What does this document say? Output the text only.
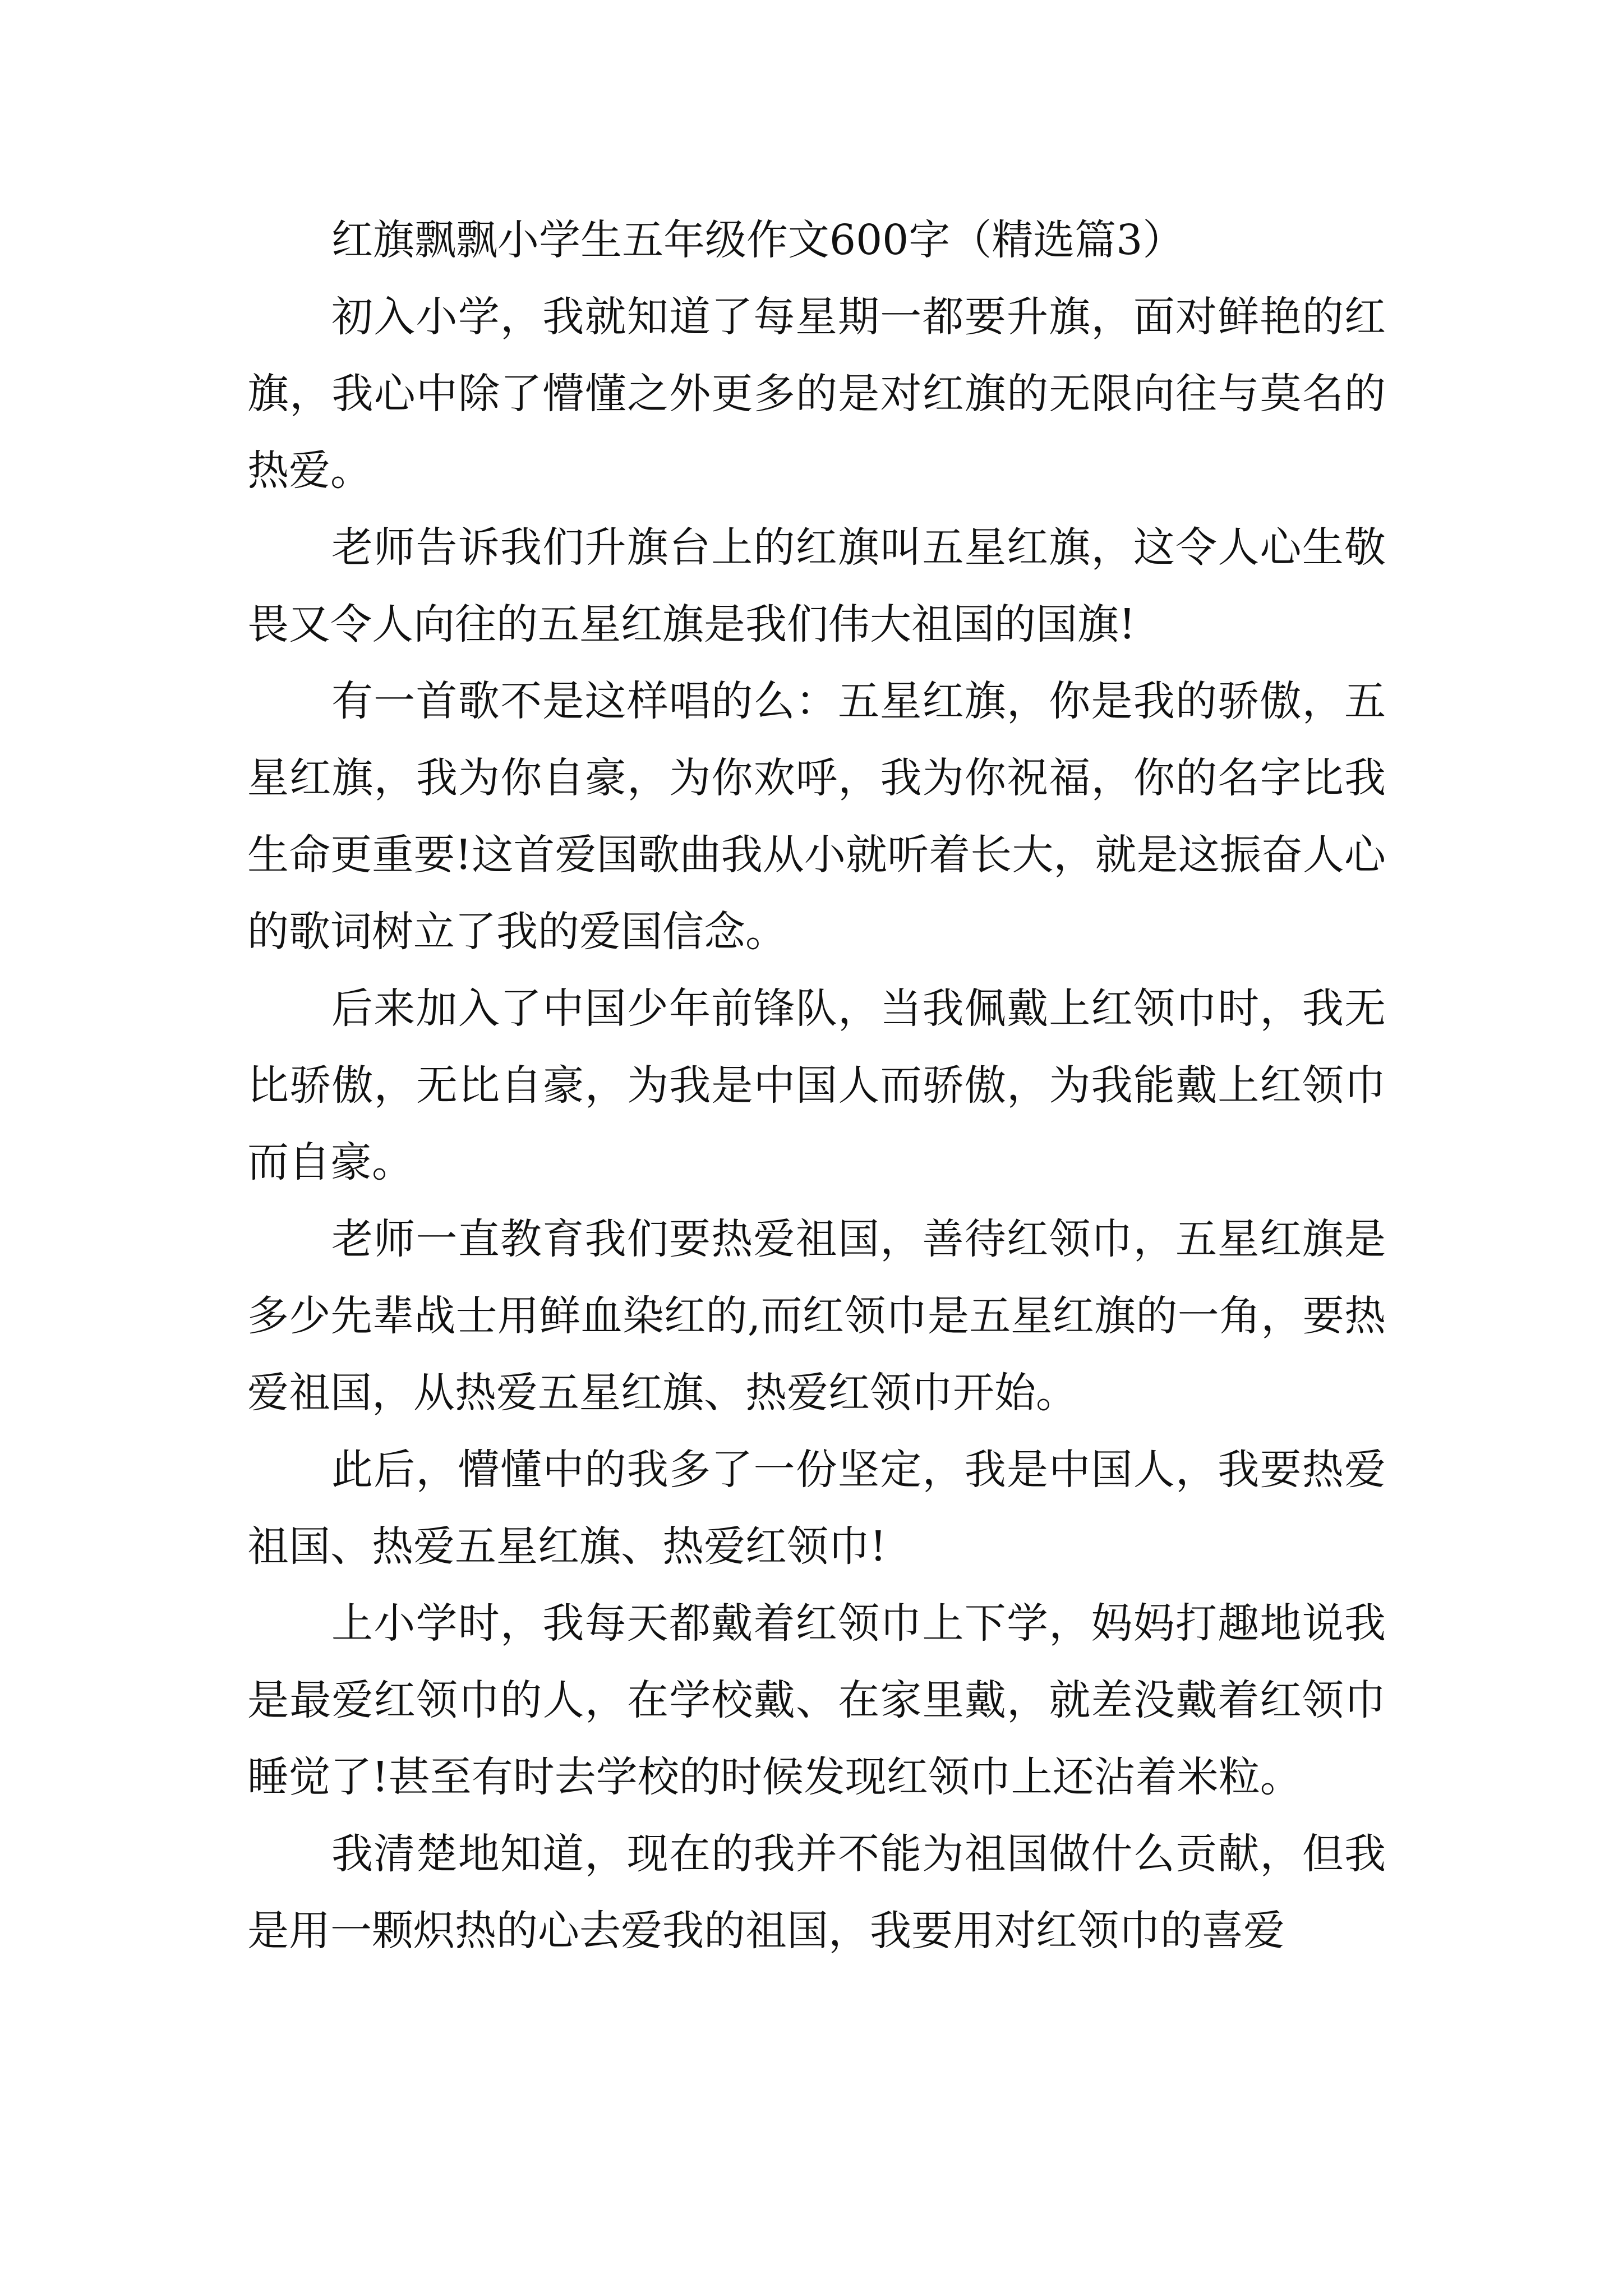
红旗飘飘小学生五年级作文600字（精选篇3）

初入小学，我就知道了每星期一都要升旗，面对鲜艳的红旗，我心中除了懵懂之外更多的是对红旗的无限向往与莫名的热爱。

老师告诉我们升旗台上的红旗叫五星红旗，这令人心生敬畏又令人向往的五星红旗是我们伟大祖国的国旗!

有一首歌不是这样唱的么：五星红旗，你是我的骄傲，五星红旗，我为你自豪，为你欢呼，我为你祝福，你的名字比我生命更重要!这首爱国歌曲我从小就听着长大，就是这振奋人心的歌词树立了我的爱国信念。

后来加入了中国少年前锋队，当我佩戴上红领巾时，我无比骄傲，无比自豪，为我是中国人而骄傲，为我能戴上红领巾而自豪。

老师一直教育我们要热爱祖国，善待红领巾，五星红旗是多少先辈战士用鲜血染红的,而红领巾是五星红旗的一角，要热爱祖国，从热爱五星红旗、热爱红领巾开始。

此后，懵懂中的我多了一份坚定，我是中国人，我要热爱祖国、热爱五星红旗、热爱红领巾!

上小学时，我每天都戴着红领巾上下学，妈妈打趣地说我是最爱红领巾的人，在学校戴、在家里戴，就差没戴着红领巾睡觉了!甚至有时去学校的时候发现红领巾上还沾着米粒。

我清楚地知道，现在的我并不能为祖国做什么贡献，但我是用一颗炽热的心去爱我的祖国，我要用对红领巾的喜爱
